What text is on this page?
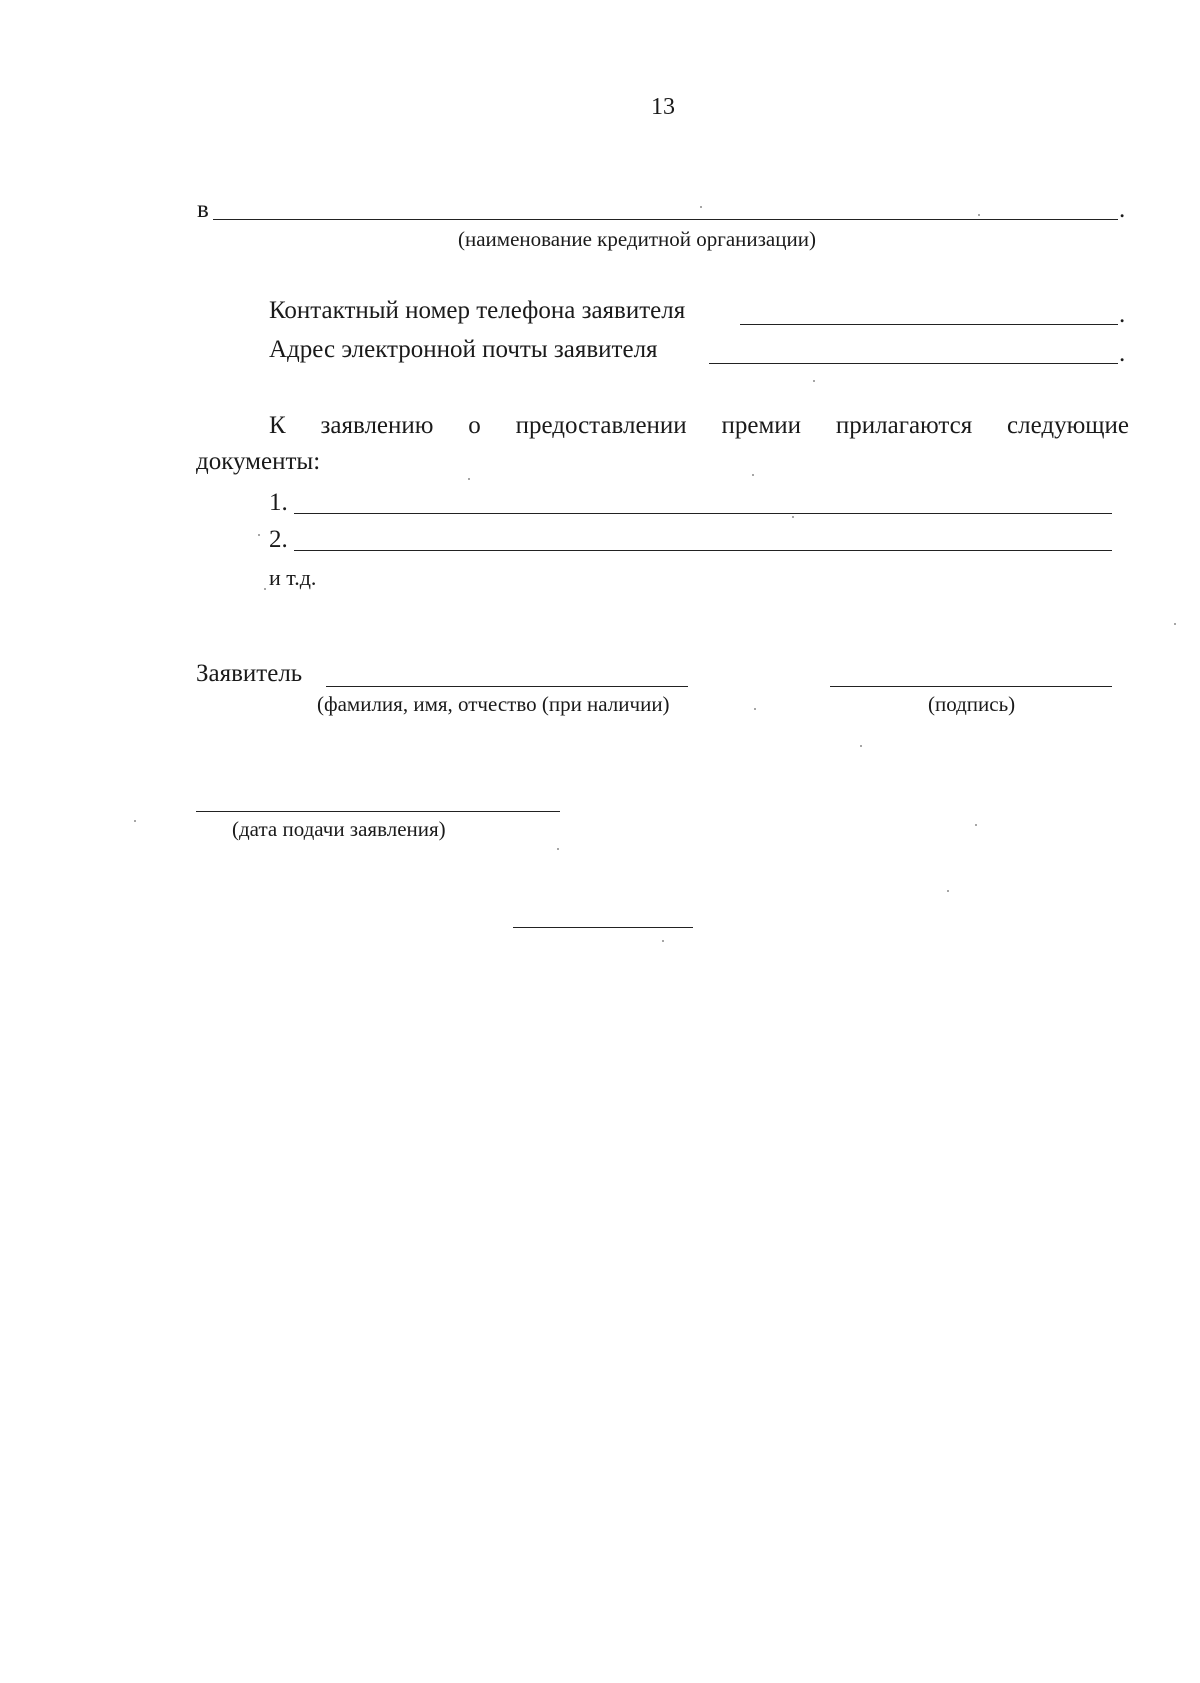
13
в	.
(наименование кредитной организации)
Контактный номер телефона заявителя	.
Адрес электронной почты заявителя	.
К заявлению о предоставлении премии прилагаются следующие
документы:
1.
2.
и т.д.
Заявитель
(фамилия, имя, отчество (при наличии)	(подпись)
(дата подачи заявления)
